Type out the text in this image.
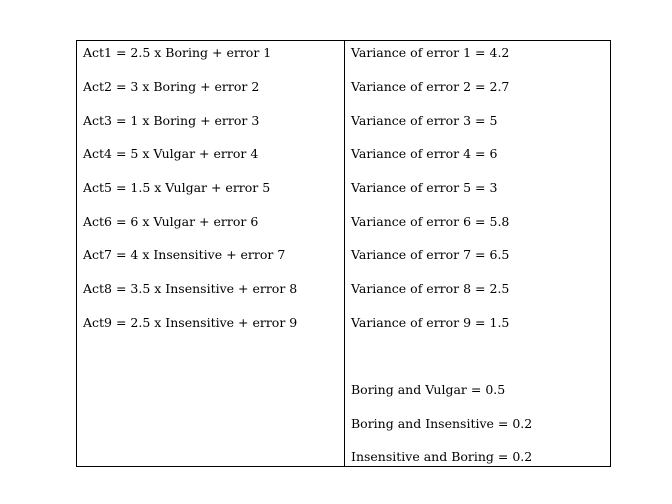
Act1 = 2.5 x Boring + error 1
Act2 = 3 x Boring + error 2
Act3 = 1 x Boring + error 3
Act4 = 5 x Vulgar + error 4
Act5 = 1.5 x Vulgar + error 5
Act6 = 6 x Vulgar + error 6
Act7 = 4 x Insensitive + error 7
Act8 = 3.5 x Insensitive + error 8
Act9 = 2.5 x Insensitive + error 9
Variance of error 1 = 4.2
Variance of error 2 = 2.7
Variance of error 3 = 5
Variance of error 4 = 6
Variance of error 5 = 3
Variance of error 6 = 5.8
Variance of error 7 = 6.5
Variance of error 8 = 2.5
Variance of error 9 = 1.5
Boring and Vulgar = 0.5
Boring and Insensitive = 0.2
Insensitive and Boring = 0.2
